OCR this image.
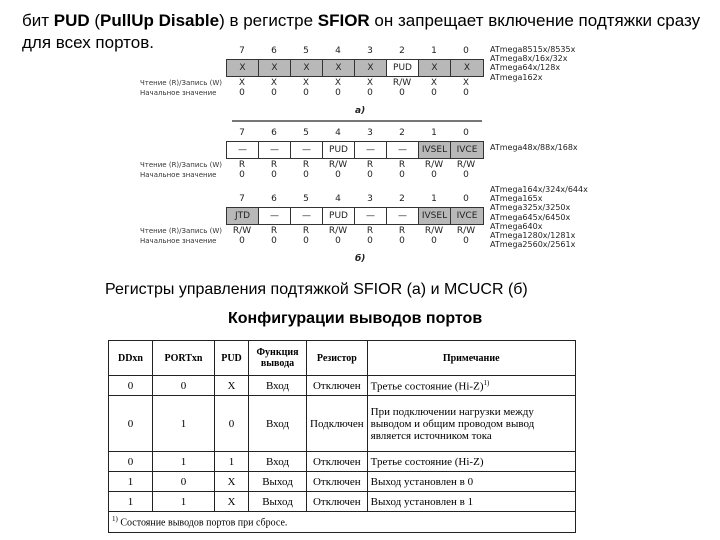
бит PUD (PullUp Disable) в регистре SFIOR он запрещает включение подтяжки сразу для всех портов.	7	6	5	4	3	2	1	0
X	X	X	X	X	PUD	X	X
Чтение (R)/Запись (W)
Начальное значение
X	X	X	X	X	R/W	X	X
0	0	0	0	0	0	0	0
ATmega8515x/8535x
ATmega8x/16x/32x
ATmega64x/128x
ATmega162x
a)
7	6	5	4	3	2	1	0
—	—	—	PUD	—	—	IVSEL	IVCE
Чтение (R)/Запись (W)
Начальное значение
R	R	R	R/W	R	R	R/W	R/W
0	0	0	0	0	0	0	0
ATmega48x/88x/168x
7	6	5	4	3	2	1	0
JTD	—	—	PUD	—	—	IVSEL	IVCE
Чтение (R)/Запись (W)
Начальное значение
R/W	R	R	R/W	R	R	R/W	R/W
0	0	0	0	0	0	0	0
ATmega164x/324x/644x
ATmega165x
ATmega325x/3250x
ATmega645x/6450x
ATmega640x
ATmega1280x/1281x
ATmega2560x/2561x
б)
Регистры управления подтяжкой SFIOR (а) и MCUCR (б)
Конфигурации выводов портов
DDxn	PORTxn	PUD	Функция вывода	Резистор	Примечание
0	0	X	Вход	Отключен	Третье состояние $(Hi-Z)^{1)}$
0	1	0	Вход	Подключен	При подключении нагрузки между выводом и общим проводом вывод является источником тока
0	1	1	Вход	Отключен	Третье состояние (Hi-Z)
1	0	X	Выход	Отключен	Выход установлен в 0
1	1	X	Выход	Отключен	Выход установлен в 1
$^{1)}$ Состояние выводов портов при сбросе.					
